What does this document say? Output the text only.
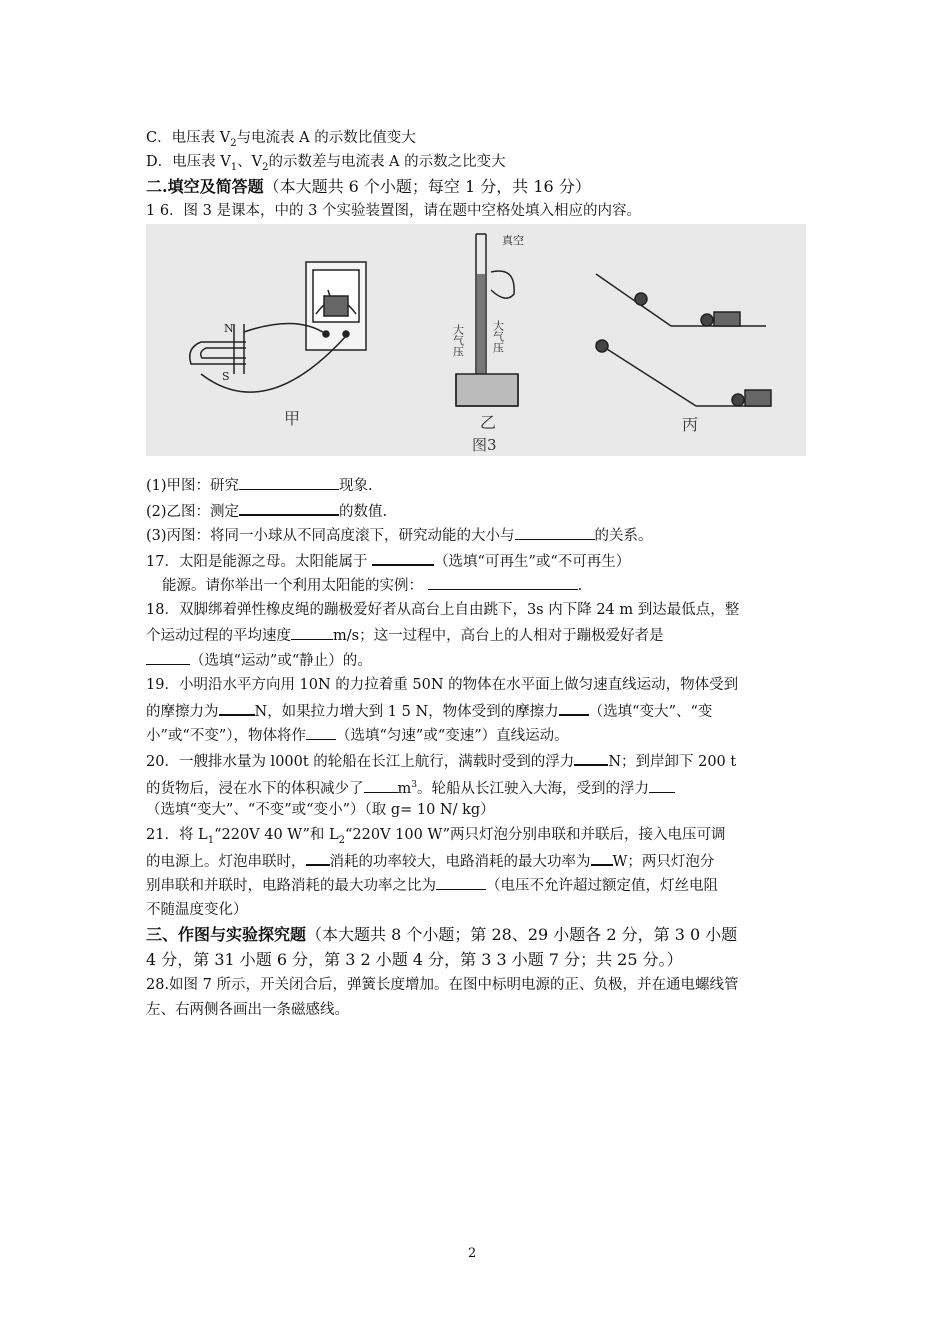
C．电压表 $V_2$与电流表 A 的示数比值变大
D．电压表 $V_1$、$V_2$的示数差与电流表 A 的示数之比变大
二.填空及简答题（本大题共 6 个小题；每空 1 分，共 16 分）
1 6．图 3 是课本，中的 3 个实验装置图，请在题中空格处填入相应的内容。
N
S
甲
真空
大气压 大气压
乙
图3
丙
(1)甲图：研究	现象.
(2)乙图：测定	的数值.
(3)丙图：将同一小球从不同高度滚下，研究动能的大小与	的关系。
17．太阳是能源之母。太阳能属于	（选填“可再生”或“不可再生）
能源。请你举出一个利用太阳能的实例：	.
18．双脚绑着弹性橡皮绳的蹦极爱好者从高台上自由跳下，3s 内下降 24 m 到达最低点，整
个运动过程的平均速度	m/s；这一过程中，高台上的人相对于蹦极爱好者是
（选填“运动”或“静止）的。
19．小明沿水平方向用 10N 的力拉着重 50N 的物体在水平面上做匀速直线运动，物体受到
的摩擦力为 N，如果拉力增大到 1 5 N，物体受到的摩擦力 （选填“变大”、“变
小”或“不变”），物体将作 （选填“匀速”或“变速”）直线运动。
20．一艘排水量为 l000t 的轮船在长江上航行，满载时受到的浮力 N；到岸卸下 200 t
的货物后，浸在水下的体积减少了 $m^3$。轮船从长江驶入大海，受到的浮力
（选填“变大”、“不变”或“变小”）（取 g= 10 N/ kg）
21．将 $L_1“220V$ 40 W”和 $L_2“220V$ 100 W”两只灯泡分别串联和并联后，接入电压可调
的电源上。灯泡串联时， 消耗的功率较大，电路消耗的最大功率为 W；两只灯泡分
别串联和并联时，电路消耗的最大功率之比为	（电压不允许超过额定值，灯丝电阻
不随温度变化）
三、作图与实验探究题（本大题共 8 个小题；第 28、29 小题各 2 分，第 3 0 小题
4 分，第 31 小题 6 分，第 3 2 小题 4 分，第 3 3 小题 7 分；共 25 分。）
28.如图 7 所示，开关闭合后，弹簧长度增加。在图中标明电源的正、负极，并在通电螺线管
左、右两侧各画出一条磁感线。
2
